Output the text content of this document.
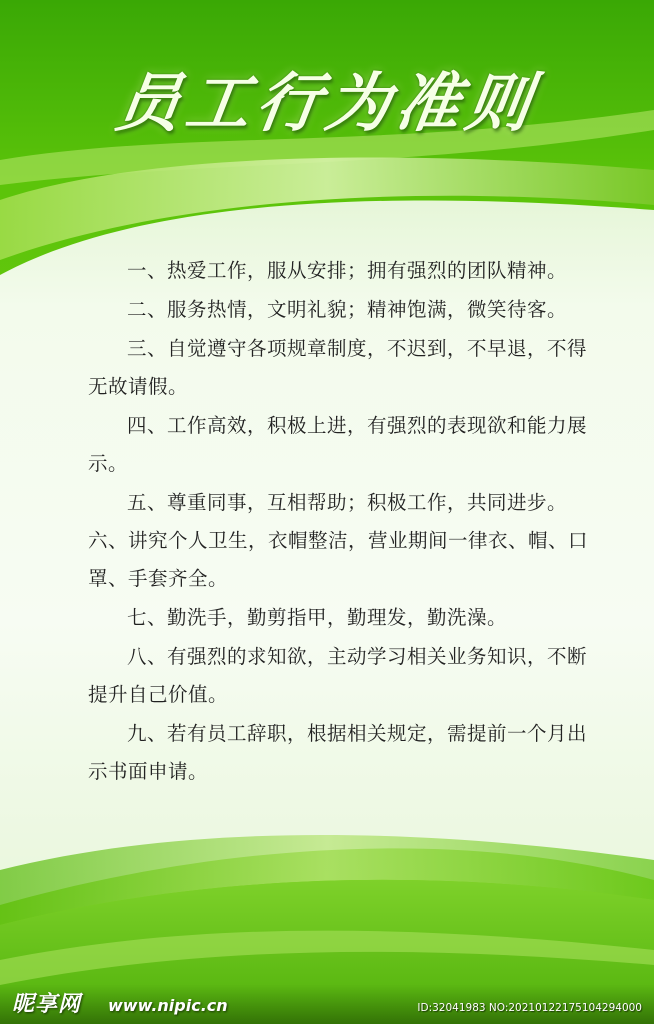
员工行为准则
一、热爱工作，服从安排；拥有强烈的团队精神。
二、服务热情，文明礼貌；精神饱满，微笑待客。
三、自觉遵守各项规章制度，不迟到，不早退，不得无故请假。
四、工作高效，积极上进，有强烈的表现欲和能力展示。
五、尊重同事，互相帮助；积极工作，共同进步。六、讲究个人卫生，衣帽整洁，营业期间一律衣、帽、口罩、手套齐全。
七、勤洗手，勤剪指甲，勤理发，勤洗澡。
八、有强烈的求知欲，主动学习相关业务知识，不断提升自己价值。
九、若有员工辞职，根据相关规定，需提前一个月出示书面申请。
昵享网 www.nipic.cn	ID:32041983 NO:20210122175104294000
